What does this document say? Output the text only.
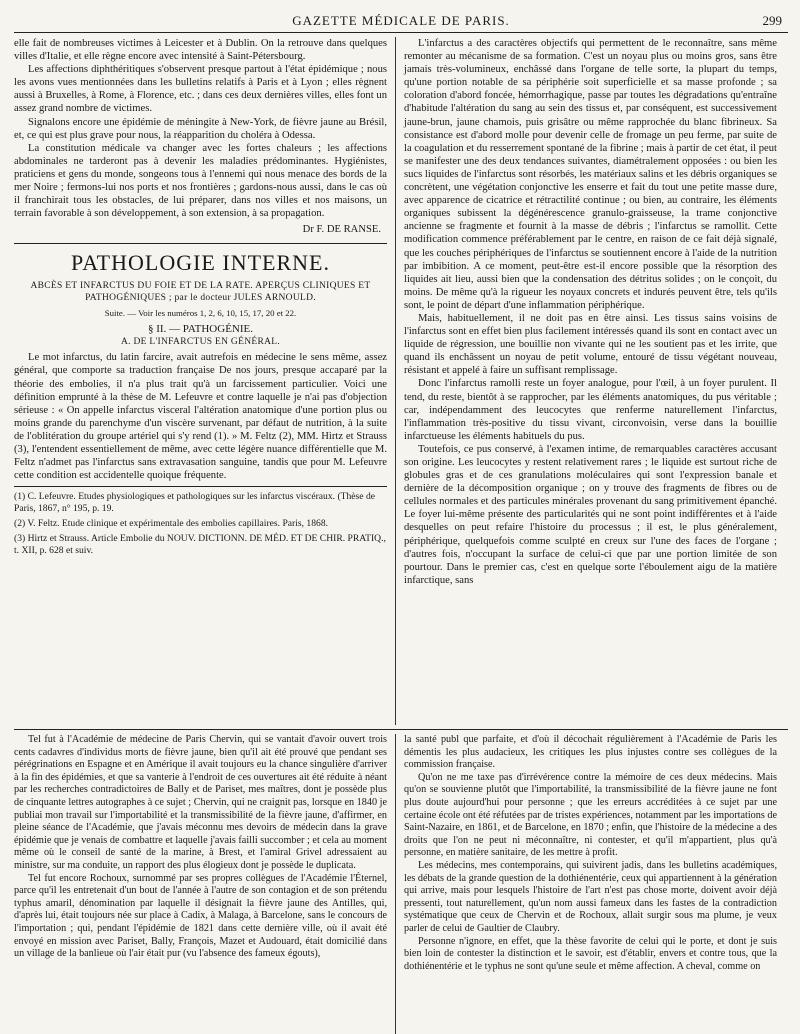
GAZETTE MÉDICALE DE PARIS.	299

elle fait de nombreuses victimes à Leicester et à Dublin. On la retrouve dans quelques villes d'Italie, et elle règne encore avec intensité à Saint-Pétersbourg.

Les affections diphthéritiques s'observent presque partout à l'état épidémique ; nous les avons vues mentionnées dans les bulletins relatifs à Paris et à Lyon ; elles règnent aussi à Bruxelles, à Rome, à Florence, etc. ; dans ces deux dernières villes, elles font un assez grand nombre de victimes.

Signalons encore une épidémie de méningite à New-York, de fièvre jaune au Brésil, et, ce qui est plus grave pour nous, la réapparition du choléra à Odessa.

La constitution médicale va changer avec les fortes chaleurs ; les affections abdominales ne tarderont pas à devenir les maladies prédominantes. Hygiénistes, praticiens et gens du monde, songeons tous à l'ennemi qui nous menace des bords de la mer Noire ; fermons-lui nos ports et nos frontières ; gardons-nous aussi, dans le cas où il franchirait tous les obstacles, de lui préparer, dans nos villes et nos maisons, un terrain favorable à son développement, à son extension, à sa propagation.

Dr F. DE RANSE.
PATHOLOGIE INTERNE.
ABCÈS ET INFARCTUS DU FOIE ET DE LA RATE. APERÇUS CLINIQUES ET PATHOGÉNIQUES ; par le docteur JULES ARNOULD.
Suite. — Voir les numéros 1, 2, 6, 10, 15, 17, 20 et 22.
§ II. — PATHOGÉNIE.
A. DE L'INFARCTUS EN GÉNÉRAL.

Le mot infarctus, du latin farcire, avait autrefois en médecine le sens même, assez général, que comporte sa traduction française De nos jours, presque accaparé par la théorie des embolies, il n'a plus trait qu'à un farcissement particulier. Voici une définition emprunté à la thèse de M. Lefeuvre et contre laquelle je n'ai pas d'objection sérieuse : « On appelle infarctus visceral l'altération anatomique d'une portion plus ou moins grande du parenchyme d'un viscère survenant, par défaut de nutrition, à la suite de l'oblitération du groupe artériel qui s'y rend (1). » M. Feltz (2), MM. Hirtz et Strauss (3), l'entendent essentiellement de même, avec cette légère nuance différentielle que M. Feltz n'admet pas l'infarctus sans extravasation sanguine, tandis que pour M. Lefeuvre cette condition est accidentelle quoique fréquente.

(1) C. Lefeuvre. Etudes physiologiques et pathologiques sur les infarctus viscéraux. (Thèse de Paris, 1867, n° 195, p. 19.

(2) V. Feltz. Etude clinique et expérimentale des embolies capillaires. Paris, 1868.

(3) Hirtz et Strauss. Article Embolie du NOUV. DICTIONN. DE MÉD. ET DE CHIR. PRATIQ., t. XII, p. 628 et suiv.

L'infarctus a des caractères objectifs qui permettent de le reconnaître, sans même remonter au mécanisme de sa formation. C'est un noyau plus ou moins gros, sans être jamais très-volumineux, enchâssé dans l'organe de telle sorte, la plupart du temps, qu'une portion notable de sa périphérie soit superficielle et sa masse profonde ; sa coloration d'abord foncée, hémorrhagique, passe par toutes les dégradations qu'entraîne d'habitude l'altération du sang au sein des tissus et, par conséquent, est successivement jaune-brun, jaune chamois, puis grisâtre ou même rapprochée du blanc fibrineux. Sa consistance est d'abord molle pour devenir celle de fromage un peu ferme, par suite de la coagulation et du resserrement spontané de la fibrine ; mais à partir de cet état, il peut se manifester une des deux tendances suivantes, diamétralement opposées : ou bien les sucs liquides de l'infarctus sont résorbés, les matériaux salins et les débris organiques se concrètent, une végétation conjonctive les enserre et fait du tout une petite masse dure, avec apparence de cicatrice et rétractilité continue ; ou bien, au contraire, les éléments organiques subissent la dégénérescence granulo-graisseuse, la trame conjonctive ancienne se fragmente et fournit à la masse de débris ; l'infarctus se ramollit. Cette modification commence préférablement par le centre, en raison de ce fait déjà signalé, que les couches périphériques de l'infarctus se soutiennent encore à l'aide de la nutrition par imbibition. A ce moment, peut-être est-il encore possible que la résorption des liquides ait lieu, aussi bien que la condensation des détritus solides ; on le conçoit, du moins. De même qu'à la rigueur les noyaux concrets et indurés peuvent être, tels qu'ils sont, le point de départ d'une inflammation périphérique.

Mais, habituellement, il ne doit pas en être ainsi. Les tissus sains voisins de l'infarctus sont en effet bien plus facilement intéressés quand ils sont en contact avec un liquide de régression, une bouillie non vivante qui ne les soutient pas et les irrite, que quand ils enchâssent un noyau de petit volume, entouré de tissu végétant nouveau, résistant et appelé à faire un suffisant remplissage.

Donc l'infarctus ramolli reste un foyer analogue, pour l'œil, à un foyer purulent. Il tend, du reste, bientôt à se rapprocher, par les éléments anatomiques, du pus véritable ; car, indépendamment des leucocytes que renferme naturellement l'infarctus, l'inflammation très-positive du tissu vivant, circonvoisin, verse dans la bouillie infarctueuse les éléments habituels du pus.

Toutefois, ce pus conservé, à l'examen intime, de remarquables caractères accusant son origine. Les leucocytes y restent relativement rares ; le liquide est surtout riche de globules gras et de ces granulations moléculaires qui sont l'expression banale et dernière de la décomposition organique ; on y trouve des fragments de fibres ou de cellules normales et des particules minérales provenant du sang primitivement épanché. Le foyer lui-même présente des particularités qui ne sont point indifférentes et à l'aide desquelles on peut refaire l'histoire du processus ; il est, le plus généralement, périphérique, quelquefois comme sculpté en creux sur l'une des faces de l'organe ; d'autres fois, n'occupant la surface de celui-ci que par une portion limitée de son pourtour. Dans le premier cas, c'est en quelque sorte l'éboulement aigu de la matière infarctique, sans

Tel fut à l'Académie de médecine de Paris Chervin, qui se vantait d'avoir ouvert trois cents cadavres d'individus morts de fièvre jaune, bien qu'il ait été prouvé que pendant ses pérégrinations en Espagne et en Amérique il avait toujours eu la chance singulière d'arriver à la fin des épidémies, et que sa vanterie à l'endroit de ces ouvertures ait été réduite à néant par les recherches contradictoires de Bally et de Pariset, mes maîtres, dont je possède plus de cinquante lettres autographes à ce sujet ; Chervin, qui ne craignit pas, lorsque en 1840 je publiai mon travail sur l'importabilité et la transmissibilité de la fièvre jaune, d'affirmer, en pleine séance de l'Académie, que j'avais méconnu mes devoirs de médecin dans la grave épidémie que je venais de combattre et laquelle j'avais failli succomber ; et cela au moment même où le conseil de santé de la marine, à Brest, et l'amiral Grivel adressaient au ministre, sur ma conduite, un rapport des plus élogieux dont je possède le duplicata.

Tel fut encore Rochoux, surnommé par ses propres collègues de l'Académie l'Éternel, parce qu'il les entretenait d'un bout de l'année à l'autre de son contagion et de son prétendu typhus amaril, dénomination par laquelle il désignait la fièvre jaune des Antilles, qui, d'après lui, était toujours née sur place à Cadix, à Malaga, à Barcelone, sans le concours de l'importation ; qui, pendant l'épidémie de 1821 dans cette dernière ville, où il avait été envoyé en mission avec Pariset, Bally, François, Mazet et Audouard, était domicilié dans un village de la banlieue où l'air était pur (vu l'absence des fameux égouts),

la santé publ que parfaite, et d'où il décochait régulièrement à l'Académie de Paris les démentis les plus audacieux, les critiques les plus injustes contre ses collègues de la commission française.

Qu'on ne me taxe pas d'irrévérence contre la mémoire de ces deux médecins. Mais qu'on se souvienne plutôt que l'importabilité, la transmissibilité de la fièvre jaune ne font plus doute aujourd'hui pour personne ; que les erreurs accréditées à ce sujet par une certaine école ont été réfutées par de tristes expériences, notamment par les importations de Saint-Nazaire, en 1861, et de Barcelone, en 1870 ; enfin, que l'histoire de la médecine a des droits que l'on ne peut ni méconnaître, ni contester, et qu'il m'appartient, plus qu'à personne, en matière sanitaire, de les mettre à profit.

Les médecins, mes contemporains, qui suivirent jadis, dans les bulletins académiques, les débats de la grande question de la dothiénentérie, ceux qui appartiennent à la génération qui arrive, mais pour lesquels l'histoire de l'art n'est pas chose morte, doivent avoir déjà pressenti, tout naturellement, qu'un nom aussi fameux dans les fastes de la contradiction systématique que ceux de Chervin et de Rochoux, allait surgir sous ma plume, je veux parler de celui de Gaultier de Claubry.

Personne n'ignore, en effet, que la thèse favorite de celui qui le porte, et dont je suis bien loin de contester la distinction et le savoir, est d'établir, envers et contre tous, que la dothiénentérie et le typhus ne sont qu'une seule et même affection. A cheval, comme on
